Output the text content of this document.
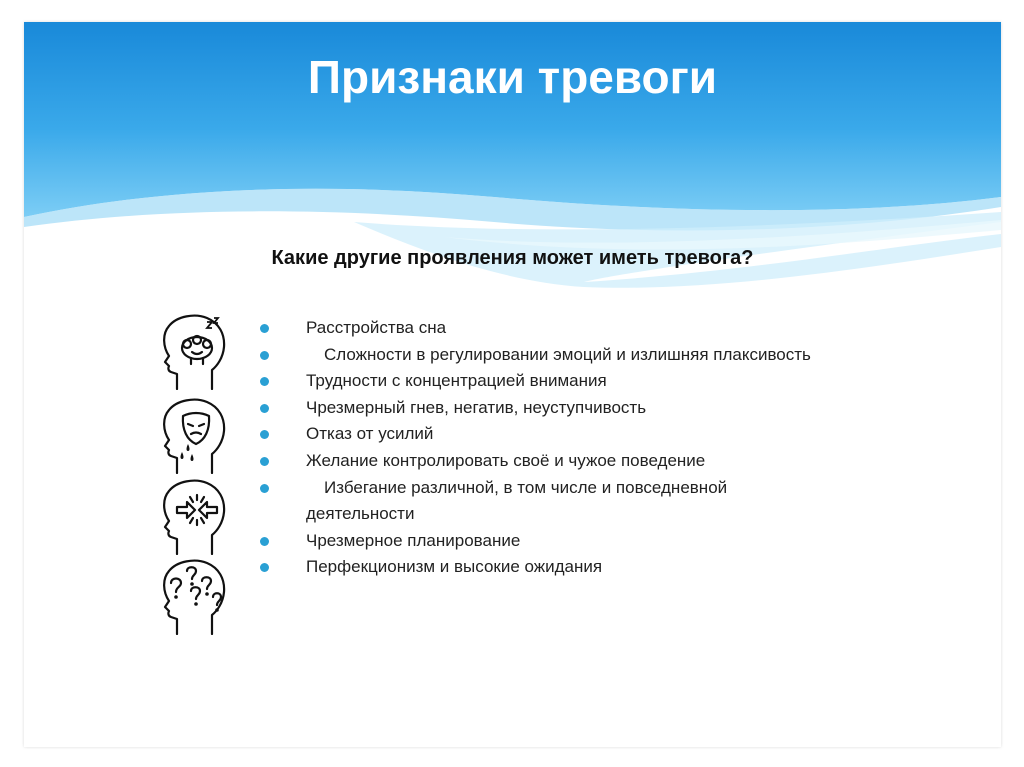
Признаки тревоги
Какие другие проявления может иметь тревога?
Расстройства сна
Сложности в регулировании эмоций и излишняя плаксивость
Трудности с концентрацией внимания
Чрезмерный гнев, негатив, неуступчивость
Отказ от усилий
Желание контролировать своё и чужое поведение
Избегание различной, в том числе и повседневной деятельности
Чрезмерное планирование
Перфекционизм и высокие ожидания
